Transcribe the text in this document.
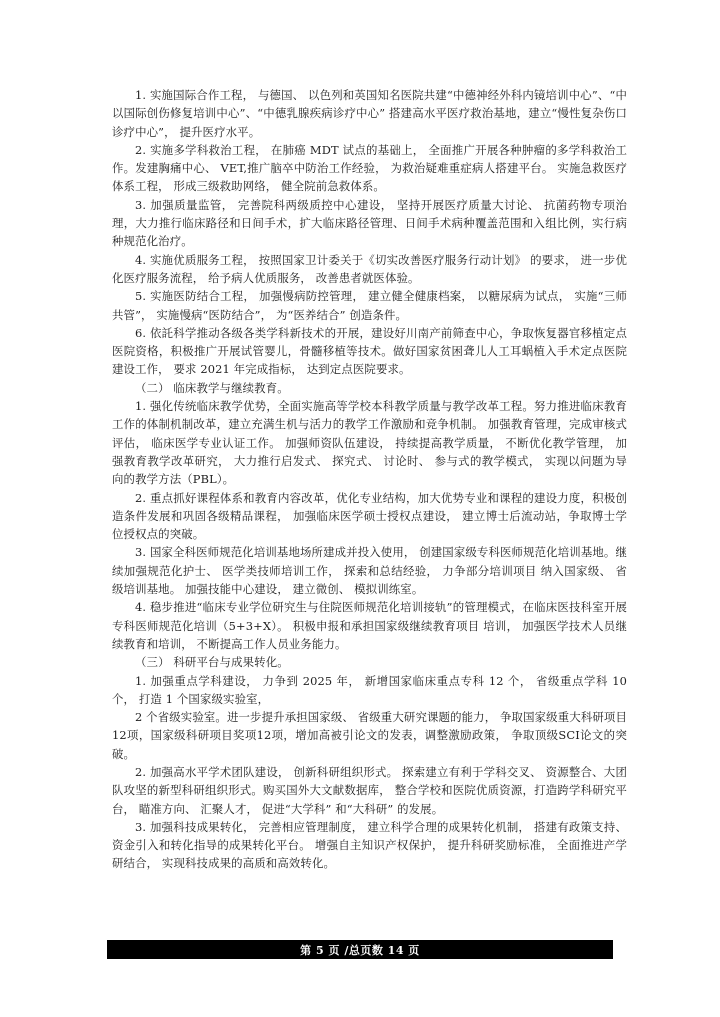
1. 实施国际合作工程， 与德国、 以色列和英国知名医院共建“中德神经外科内镜培训中心”、“中以国际创伤修复培训中心”、“中德乳腺疾病诊疗中心” 搭建高水平医疗救治基地，建立“慢性复杂伤口 诊疗中心”， 提升医疗水平。

2. 实施多学科救治工程， 在肺癌 MDT 试点的基础上， 全面推广开展各种肿瘤的多学科救治工作。发建胸痛中心、 VET,推广脑卒中防治工作经验， 为救治疑难重症病人搭建平台。 实施急救医疗体系工程， 形成三级救助网络， 健全院前急救体系。

3. 加强质量监管， 完善院科两级质控中心建设， 坚持开展医疗质量大讨论、 抗菌药物专项治理，大力推行临床路径和日间手术，扩大临床路径管理、日间手术病种覆盖范围和入组比例，实行病种规范化治疗。

4. 实施优质服务工程， 按照国家卫计委关于《切实改善医疗服务行动计划》 的要求， 进一步优化医疗服务流程， 给予病人优质服务， 改善患者就医体验。

5. 实施医防结合工程， 加强慢病防控管理， 建立健全健康档案， 以糖尿病为试点， 实施“三师共管”， 实施慢病“医防结合”， 为“医养结合” 创造条件。

6. 依託科学推动各级各类学科新技术的开展，建设好川南产前筛查中心，争取恢复器官移植定点医院资格，积极推广开展试管婴儿，骨髓移植等技术。做好国家贫困聋儿人工耳蜗植入手术定点医院建设工作， 要求 2021 年完成指标， 达到定点医院要求。

（二） 临床教学与继续教育。

1. 强化传统临床教学优势，全面实施高等学校本科教学质量与教学改革工程。努力推进临床教育工作的体制机制改革，建立充满生机与活力的教学工作激励和竞争机制。 加强教育管理，完成审核式评估， 临床医学专业认证工作。 加强师资队伍建设， 持续提高教学质量， 不断优化教学管理， 加强教育教学改革研究， 大力推行启发式、 探究式、 讨论时、 参与式的教学模式， 实现以问题为导向的教学方法（PBL）。

2. 重点抓好课程体系和教育内容改革，优化专业结构，加大优势专业和课程的建设力度，积极创造条件发展和巩固各级精品课程， 加强临床医学硕士授权点建设， 建立博士后流动站，争取博士学位授权点的突破。

3. 国家全科医师规范化培训基地场所建成并投入使用， 创建国家级专科医师规范化培训基地。继续加强规范化护士、 医学类技师培训工作， 探索和总结经验， 力争部分培训项目 纳入国家级、 省级培训基地。 加强技能中心建设， 建立微创、 模拟训练室。

4. 稳步推进“临床专业学位研究生与住院医师规范化培训接轨”的管理模式，在临床医技科室开展专科医师规范化培训（5+3+X）。 积极申报和承担国家级继续教育项目 培训， 加强医学技术人员继续教育和培训， 不断提高工作人员业务能力。

（三） 科研平台与成果转化。

1. 加强重点学科建设， 力争到 2025 年， 新增国家临床重点专科 12 个， 省级重点学科 10 个， 打造 1 个国家级实验室，

2 个省级实验室。进一步提升承担国家级、 省级重大研究课题的能力， 争取国家级重大科研项目12项，国家级科研项目奖项12项，增加高被引论文的发表，调整激励政策， 争取顶级SCI论文的突破。

2. 加强高水平学术团队建设， 创新科研组织形式。 探索建立有利于学科交叉、 资源整合、大团队攻坚的新型科研组织形式。购买国外大文献数据库， 整合学校和医院优质资源，打造跨学科研究平台， 瞄准方向、 汇聚人才， 促进“大学科” 和“大科研” 的发展。

3. 加强科技成果转化， 完善相应管理制度， 建立科学合理的成果转化机制， 搭建有政策支持、 资金引入和转化指导的成果转化平台。 增强自主知识产权保护， 提升科研奖励标准， 全面推进产学研结合， 实现科技成果的高质和高效转化。

第 5 页 /总页数 14 页
